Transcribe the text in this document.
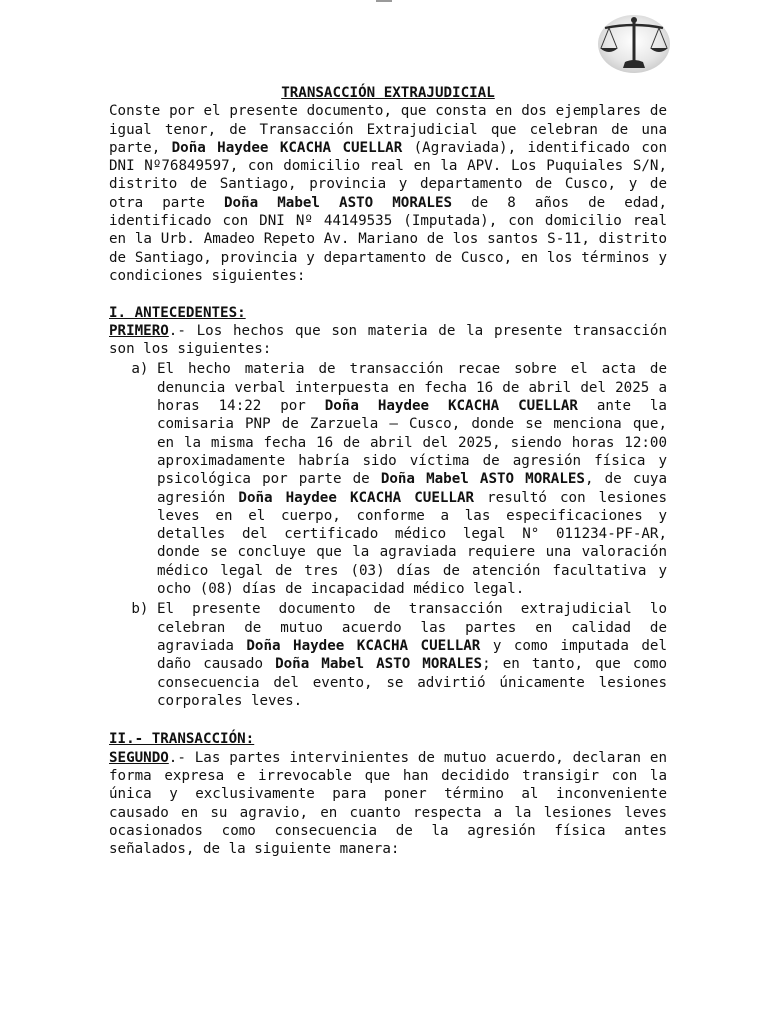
TRANSACCIÓN EXTRAJUDICIAL

Conste por el presente documento, que consta en dos ejemplares de igual tenor, de Transacción Extrajudicial que celebran de una parte, Doña Haydee KCACHA CUELLAR (Agraviada), identificado con DNI Nº76849597, con domicilio real en la APV. Los Puquiales S/N, distrito de Santiago, provincia y departamento de Cusco, y de otra parte Doña Mabel ASTO MORALES de 8 años de edad, identificado con DNI Nº 44149535 (Imputada), con domicilio real en la Urb. Amadeo Repeto Av. Mariano de los santos S-11, distrito de Santiago, provincia y departamento de Cusco, en los términos y condiciones siguientes:

I. ANTECEDENTES:

PRIMERO.- Los hechos que son materia de la presente transacción son los siguientes:

a. El hecho materia de transacción recae sobre el acta de denuncia verbal interpuesta en fecha 16 de abril del 2025 a horas 14:22 por Doña Haydee KCACHA CUELLAR ante la comisaria PNP de Zarzuela – Cusco, donde se menciona que, en la misma fecha 16 de abril del 2025, siendo horas 12:00 aproximadamente habría sido víctima de agresión física y psicológica por parte de Doña Mabel ASTO MORALES, de cuya agresión Doña Haydee KCACHA CUELLAR resultó con lesiones leves en el cuerpo, conforme a las especificaciones y detalles del certificado médico legal N° 011234-PF-AR, donde se concluye que la agraviada requiere una valoración médico legal de tres (03) días de atención facultativa y ocho (08) días de incapacidad médico legal.
b. El presente documento de transacción extrajudicial lo celebran de mutuo acuerdo las partes en calidad de agraviada Doña Haydee KCACHA CUELLAR y como imputada del daño causado Doña Mabel ASTO MORALES; en tanto, que como consecuencia del evento, se advirtió únicamente lesiones corporales leves.
II.- TRANSACCIÓN:

SEGUNDO.- Las partes intervinientes de mutuo acuerdo, declaran en forma expresa e irrevocable que han decidido transigir con la única y exclusivamente para poner término al inconveniente causado en su agravio, en cuanto respecta a la lesiones leves ocasionados como consecuencia de la agresión física antes señalados, de la siguiente manera:
